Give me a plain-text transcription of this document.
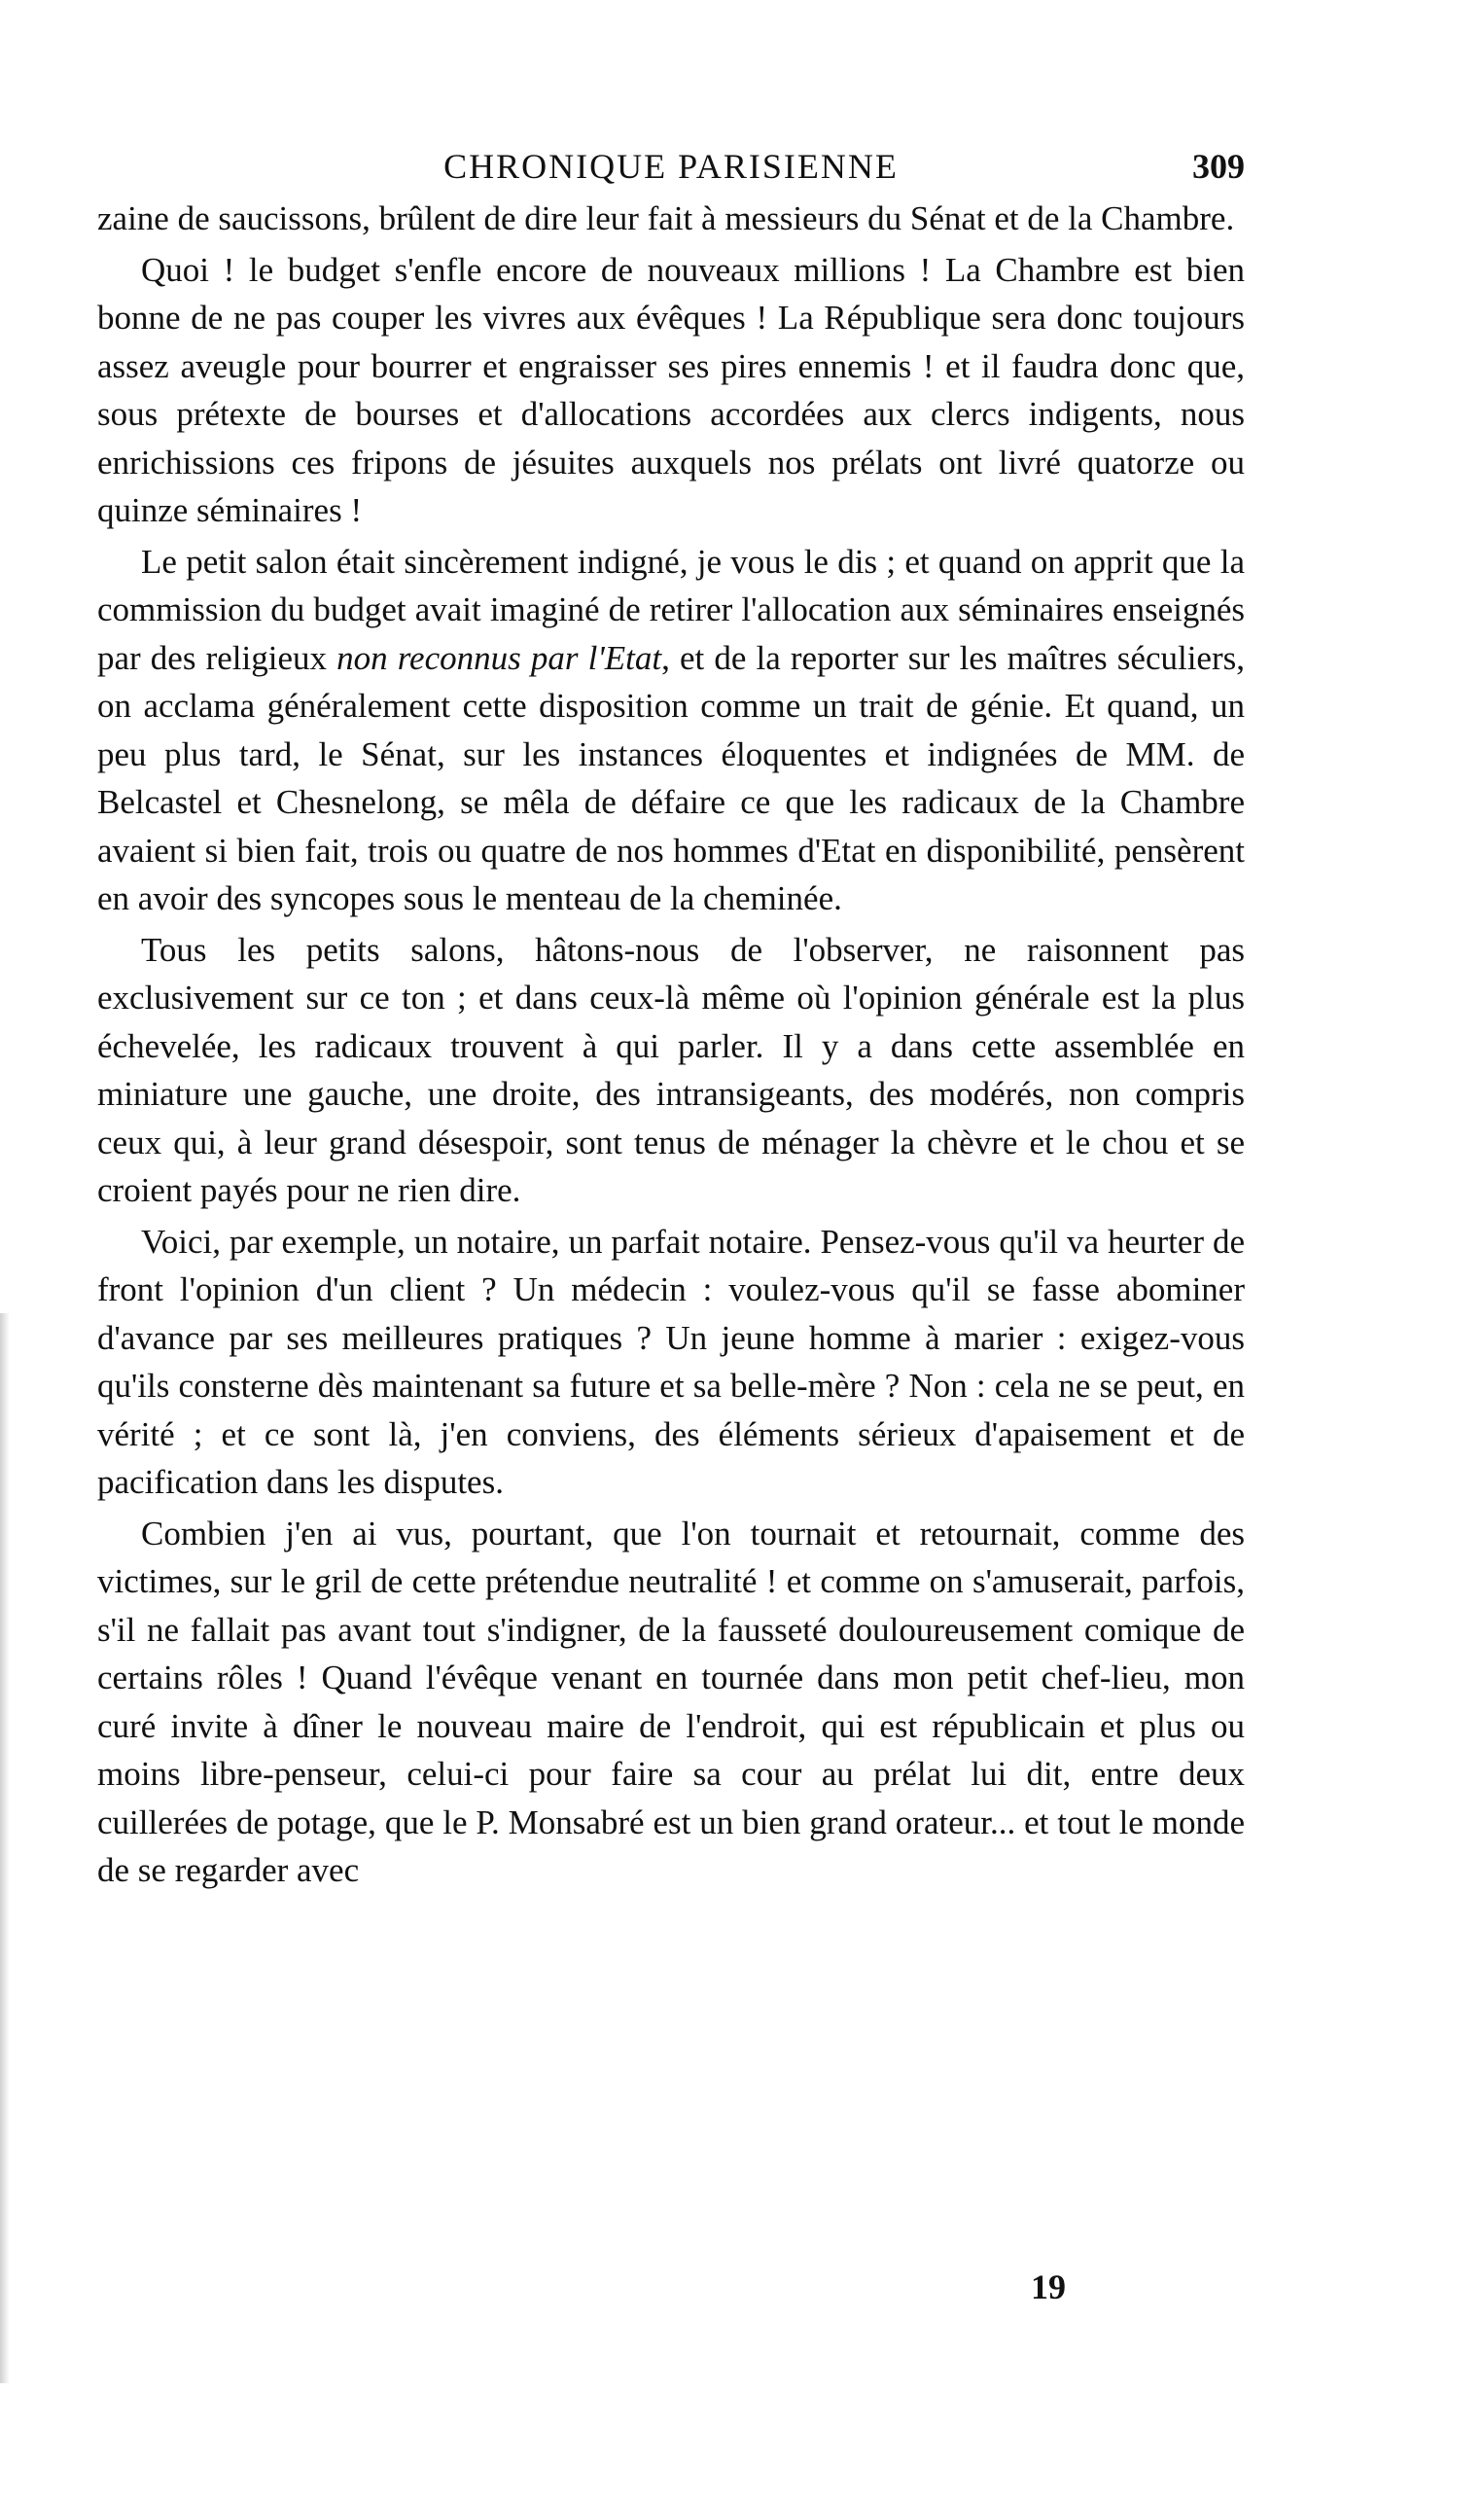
CHRONIQUE PARISIENNE	309

zaine de saucissons, brûlent de dire leur fait à messieurs du Sénat et de la Chambre.

Quoi ! le budget s'enfle encore de nouveaux millions ! La Chambre est bien bonne de ne pas couper les vivres aux évêques ! La République sera donc toujours assez aveugle pour bourrer et engraisser ses pires ennemis ! et il faudra donc que, sous prétexte de bourses et d'allocations accordées aux clercs indigents, nous enrichissions ces fripons de jésuites auxquels nos prélats ont livré quatorze ou quinze séminaires !

Le petit salon était sincèrement indigné, je vous le dis ; et quand on apprit que la commission du budget avait imaginé de retirer l'allocation aux séminaires enseignés par des religieux non reconnus par l'Etat, et de la reporter sur les maîtres séculiers, on acclama généralement cette disposition comme un trait de génie. Et quand, un peu plus tard, le Sénat, sur les instances éloquentes et indignées de MM. de Belcastel et Chesnelong, se mêla de défaire ce que les radicaux de la Chambre avaient si bien fait, trois ou quatre de nos hommes d'Etat en disponibilité, pensèrent en avoir des syncopes sous le menteau de la cheminée.

Tous les petits salons, hâtons-nous de l'observer, ne raisonnent pas exclusivement sur ce ton ; et dans ceux-là même où l'opinion générale est la plus échevelée, les radicaux trouvent à qui parler. Il y a dans cette assemblée en miniature une gauche, une droite, des intransigeants, des modérés, non compris ceux qui, à leur grand désespoir, sont tenus de ménager la chèvre et le chou et se croient payés pour ne rien dire.

Voici, par exemple, un notaire, un parfait notaire. Pensez-vous qu'il va heurter de front l'opinion d'un client ? Un médecin : voulez-vous qu'il se fasse abominer d'avance par ses meilleures pratiques ? Un jeune homme à marier : exigez-vous qu'ils consterne dès maintenant sa future et sa belle-mère ? Non : cela ne se peut, en vérité ; et ce sont là, j'en conviens, des éléments sérieux d'apaisement et de pacification dans les disputes.

Combien j'en ai vus, pourtant, que l'on tournait et retournait, comme des victimes, sur le gril de cette prétendue neutralité ! et comme on s'amuserait, parfois, s'il ne fallait pas avant tout s'indigner, de la fausseté douloureusement comique de certains rôles ! Quand l'évêque venant en tournée dans mon petit chef-lieu, mon curé invite à dîner le nouveau maire de l'endroit, qui est républicain et plus ou moins libre-penseur, celui-ci pour faire sa cour au prélat lui dit, entre deux cuillerées de potage, que le P. Monsabré est un bien grand orateur... et tout le monde de se regarder avec

19
